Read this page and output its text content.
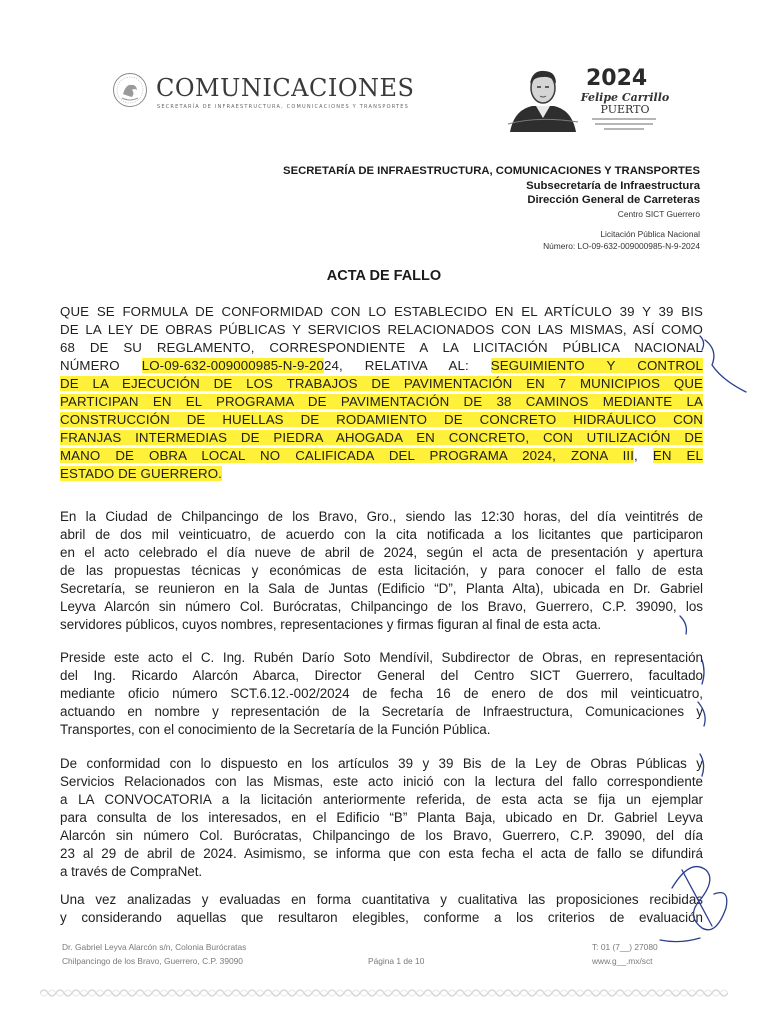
COMUNICACIONES
SECRETARÍA DE INFRAESTRUCTURA, COMUNICACIONES Y TRANSPORTES
2024
Felipe Carrillo
PUERTO
SECRETARÍA DE INFRAESTRUCTURA, COMUNICACIONES Y TRANSPORTES
Subsecretaría de Infraestructura
Dirección General de Carreteras
Centro SICT Guerrero
Licitación Pública Nacional
Número: LO-09-632-009000985-N-9-2024
ACTA DE FALLO
QUE SE FORMULA DE CONFORMIDAD CON LO ESTABLECIDO EN EL ARTÍCULO 39 Y 39 BIS
DE LA LEY DE OBRAS PÚBLICAS Y SERVICIOS RELACIONADOS CON LAS MISMAS, ASÍ COMO
68 DE SU REGLAMENTO, CORRESPONDIENTE A LA LICITACIÓN PÚBLICA NACIONAL
NÚMERO LO-09-632-009000985-N-9-2024, RELATIVA AL: SEGUIMIENTO Y CONTROL
DE LA EJECUCIÓN DE LOS TRABAJOS DE PAVIMENTACIÓN EN 7 MUNICIPIOS QUE
PARTICIPAN EN EL PROGRAMA DE PAVIMENTACIÓN DE 38 CAMINOS MEDIANTE LA
CONSTRUCCIÓN DE HUELLAS DE RODAMIENTO DE CONCRETO HIDRÁULICO CON
FRANJAS INTERMEDIAS DE PIEDRA AHOGADA EN CONCRETO, CON UTILIZACIÓN DE
MANO DE OBRA LOCAL NO CALIFICADA DEL PROGRAMA 2024, ZONA III, EN EL
ESTADO DE GUERRERO.
En la Ciudad de Chilpancingo de los Bravo, Gro., siendo las 12:30 horas, del día veintitrés de
abril de dos mil veinticuatro, de acuerdo con la cita notificada a los licitantes que participaron
en el acto celebrado el día nueve de abril de 2024, según el acta de presentación y apertura
de las propuestas técnicas y económicas de esta licitación, y para conocer el fallo de esta
Secretaría, se reunieron en la Sala de Juntas (Edificio “D”, Planta Alta), ubicada en Dr. Gabriel
Leyva Alarcón sin número Col. Burócratas, Chilpancingo de los Bravo, Guerrero, C.P. 39090, los
servidores públicos, cuyos nombres, representaciones y firmas figuran al final de esta acta.
Preside este acto el C. Ing. Rubén Darío Soto Mendívil, Subdirector de Obras, en representación
del Ing. Ricardo Alarcón Abarca, Director General del Centro SICT Guerrero, facultado
mediante oficio número SCT.6.12.-002/2024 de fecha 16 de enero de dos mil veinticuatro,
actuando en nombre y representación de la Secretaría de Infraestructura, Comunicaciones y
Transportes, con el conocimiento de la Secretaría de la Función Pública.
De conformidad con lo dispuesto en los artículos 39 y 39 Bis de la Ley de Obras Públicas y
Servicios Relacionados con las Mismas, este acto inició con la lectura del fallo correspondiente
a LA CONVOCATORIA a la licitación anteriormente referida, de esta acta se fija un ejemplar
para consulta de los interesados, en el Edificio “B” Planta Baja, ubicado en Dr. Gabriel Leyva
Alarcón sin número Col. Burócratas, Chilpancingo de los Bravo, Guerrero, C.P. 39090, del día
23 al 29 de abril de 2024. Asimismo, se informa que con esta fecha el acta de fallo se difundirá
a través de CompraNet.
Una vez analizadas y evaluadas en forma cuantitativa y cualitativa las proposiciones recibidas
y considerando aquellas que resultaron elegibles, conforme a los criterios de evaluación
Dr. Gabriel Leyva Alarcón s/n, Colonia Burócratas
Chilpancingo de los Bravo, Guerrero, C.P. 39090	Página 1 de 10
T: 01 (7__) 27080
www.g__.mx/sct
